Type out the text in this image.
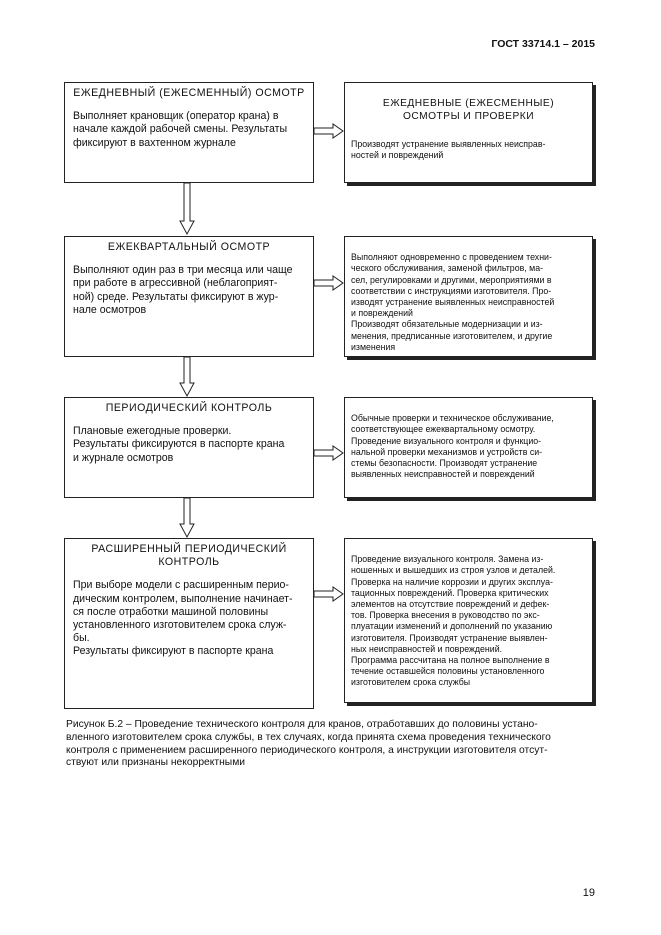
ГОСТ 33714.1 – 2015
ЕЖЕДНЕВНЫЙ (ЕЖЕСМЕННЫЙ) ОСМОТР
Выполняет крановщик (оператор крана) в
начале каждой рабочей смены. Результаты
фиксируют в вахтенном журнале

ЕЖЕДНЕВНЫЕ (ЕЖЕСМЕННЫЕ)
ОСМОТРЫ И ПРОВЕРКИ

Производят устранение выявленных неисправ-
ностей и повреждений

ЕЖЕКВАРТАЛЬНЫЙ ОСМОТР
Выполняют один раз в три месяца или чаще
при работе в агрессивной (неблагоприят-
ной) среде. Результаты фиксируют в жур-
нале осмотров

Выполняют одновременно с проведением техни-
ческого обслуживания, заменой фильтров, ма-
сел, регулировками и другими, мероприятиями в
соответствии с инструкциями изготовителя. Про-
изводят устранение выявленных неисправностей
и повреждений
Производят обязательные модернизации и из-
менения, предписанные изготовителем, и другие
изменения

ПЕРИОДИЧЕСКИЙ КОНТРОЛЬ
Плановые ежегодные проверки.
Результаты фиксируются в паспорте крана
и журнале осмотров

Обычные проверки и техническое обслуживание,
соответствующее ежеквартальному осмотру.
Проведение визуального контроля и функцио-
нальной проверки механизмов и устройств си-
стемы безопасности. Производят устранение
выявленных неисправностей и повреждений

РАСШИРЕННЫЙ ПЕРИОДИЧЕСКИЙ
КОНТРОЛЬ
При выборе модели с расширенным перио-
дическим контролем, выполнение начинает-
ся после отработки машиной половины
установленного изготовителем срока служ-
бы.
Результаты фиксируют в паспорте крана

Проведение визуального контроля. Замена из-
ношенных и вышедших из строя узлов и деталей.
Проверка на наличие коррозии и других эксплуа-
тационных повреждений. Проверка критических
элементов на отсутствие повреждений и дефек-
тов. Проверка внесения в руководство по экс-
плуатации изменений и дополнений по указанию
изготовителя. Производят устранение выявлен-
ных неисправностей и повреждений.
Программа рассчитана на полное выполнение в
течение оставшейся половины установленного
изготовителем срока службы

Рисунок Б.2 – Проведение технического контроля для кранов, отработавших до половины устано-
вленного изготовителем срока службы, в тех случаях, когда принята схема проведения технического
контроля с применением расширенного периодического контроля, а инструкции изготовителя отсут-
ствуют или признаны некорректными
19
